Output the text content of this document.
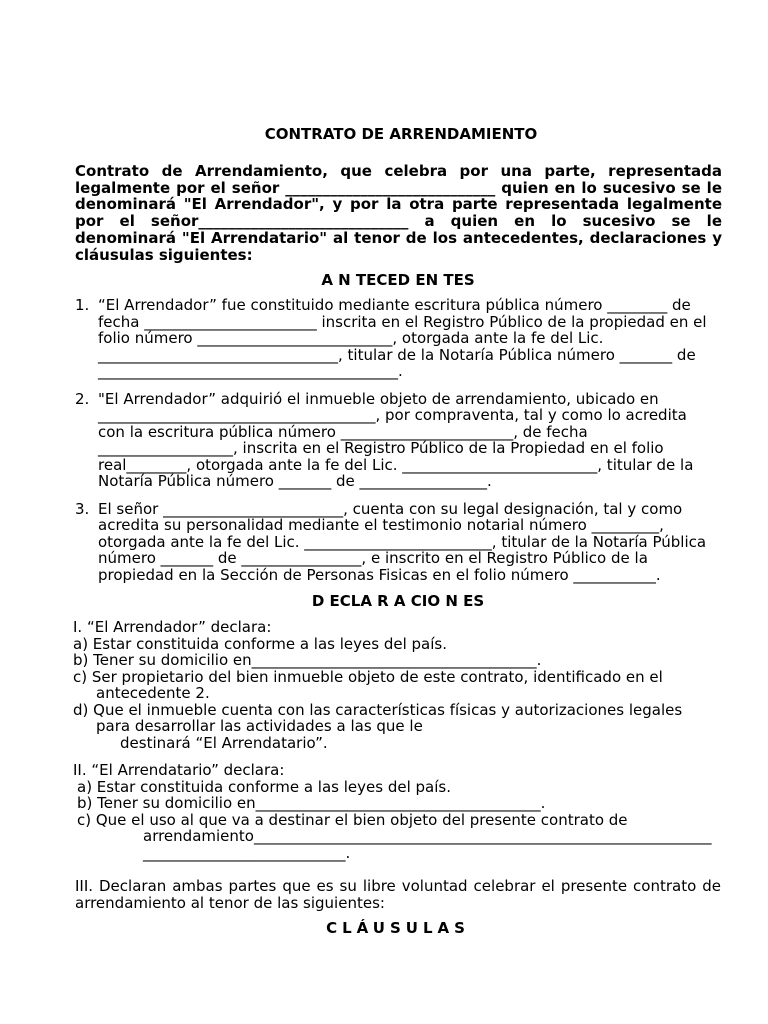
CONTRATO DE ARRENDAMIENTO
Contrato de Arrendamiento, que celebra por una parte, representada legalmente por el señor ____________________________ quien en lo sucesivo se le denominará "El Arrendador", y por la otra parte representada legalmente por el señor____________________________ a quien en lo sucesivo se le denominará "El Arrendatario" al tenor de los antecedentes, declaraciones y cláusulas siguientes:
A N TECED EN TES
1. “El Arrendador” fue constituido mediante escritura pública número ________ de fecha _______________________ inscrita en el Registro Público de la propiedad en el folio número __________________________, otorgada ante la fe del Lic. ________________________________, titular de la Notaría Pública número _______ de ________________________________________.
2. "El Arrendador” adquirió el inmueble objeto de arrendamiento, ubicado en _____________________________________, por compraventa, tal y como lo acredita con la escritura pública número _______________________, de fecha __________________, inscrita en el Registro Público de la Propiedad en el folio real________, otorgada ante la fe del Lic. __________________________, titular de la Notaría Pública número _______ de _________________.
3. El señor ________________________, cuenta con su legal designación, tal y como acredita su personalidad mediante el testimonio notarial número _________, otorgada ante la fe del Lic. _________________________, titular de la Notaría Pública número _______ de ________________, e inscrito en el Registro Público de la propiedad en la Sección de Personas Fisicas en el folio número ___________.
D ECLA R A CIO N ES
I. “El Arrendador” declara:
a) Estar constituida conforme a las leyes del país.
b) Tener su domicilio en______________________________________.
c) Ser propietario del bien inmueble objeto de este contrato, identificado en el
antecedente 2.
d) Que el inmueble cuenta con las características físicas y autorizaciones legales
para desarrollar las actividades a las que le
destinará “El Arrendatario”.
II. “El Arrendatario” declara:
a) Estar constituida conforme a las leyes del país.
b) Tener su domicilio en______________________________________.
c) Que el uso al que va a destinar el bien objeto del presente contrato de
arrendamiento_____________________________________________________________
___________________________.
III. Declaran ambas partes que es su libre voluntad celebrar el presente contrato de arrendamiento al tenor de las siguientes:
CLÁUSULAS
